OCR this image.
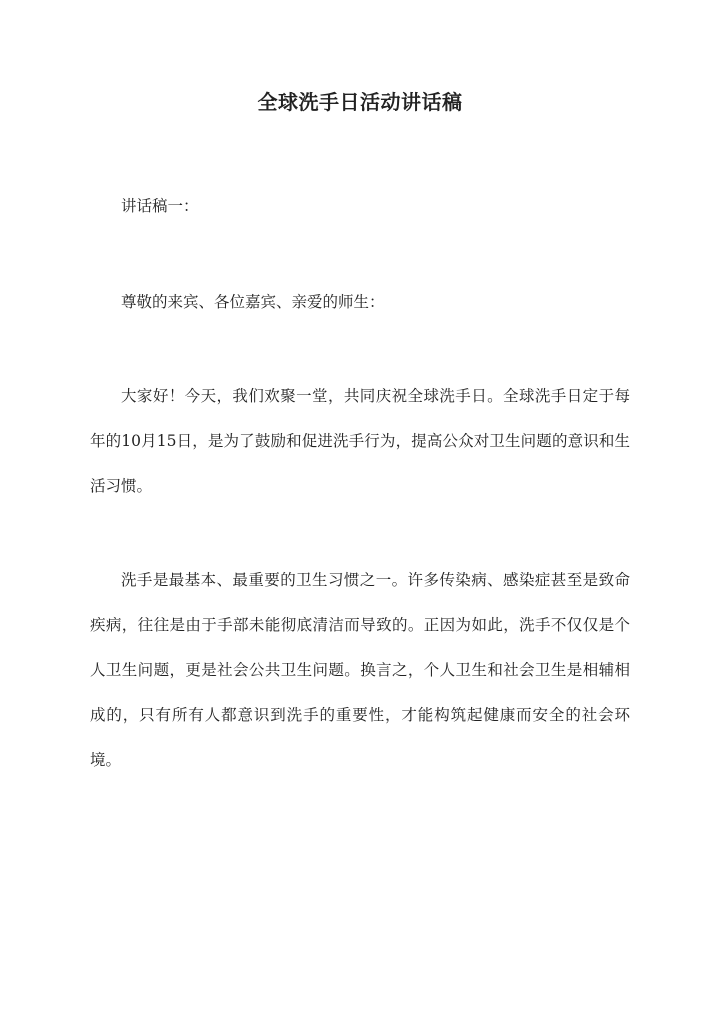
全球洗手日活动讲话稿

讲话稿一：

尊敬的来宾、各位嘉宾、亲爱的师生：

大家好！今天，我们欢聚一堂，共同庆祝全球洗手日。全球洗手日定于每年的10月15日，是为了鼓励和促进洗手行为，提高公众对卫生问题的意识和生活习惯。

洗手是最基本、最重要的卫生习惯之一。许多传染病、感染症甚至是致命疾病，往往是由于手部未能彻底清洁而导致的。正因为如此，洗手不仅仅是个人卫生问题，更是社会公共卫生问题。换言之，个人卫生和社会卫生是相辅相成的，只有所有人都意识到洗手的重要性，才能构筑起健康而安全的社会环境。
